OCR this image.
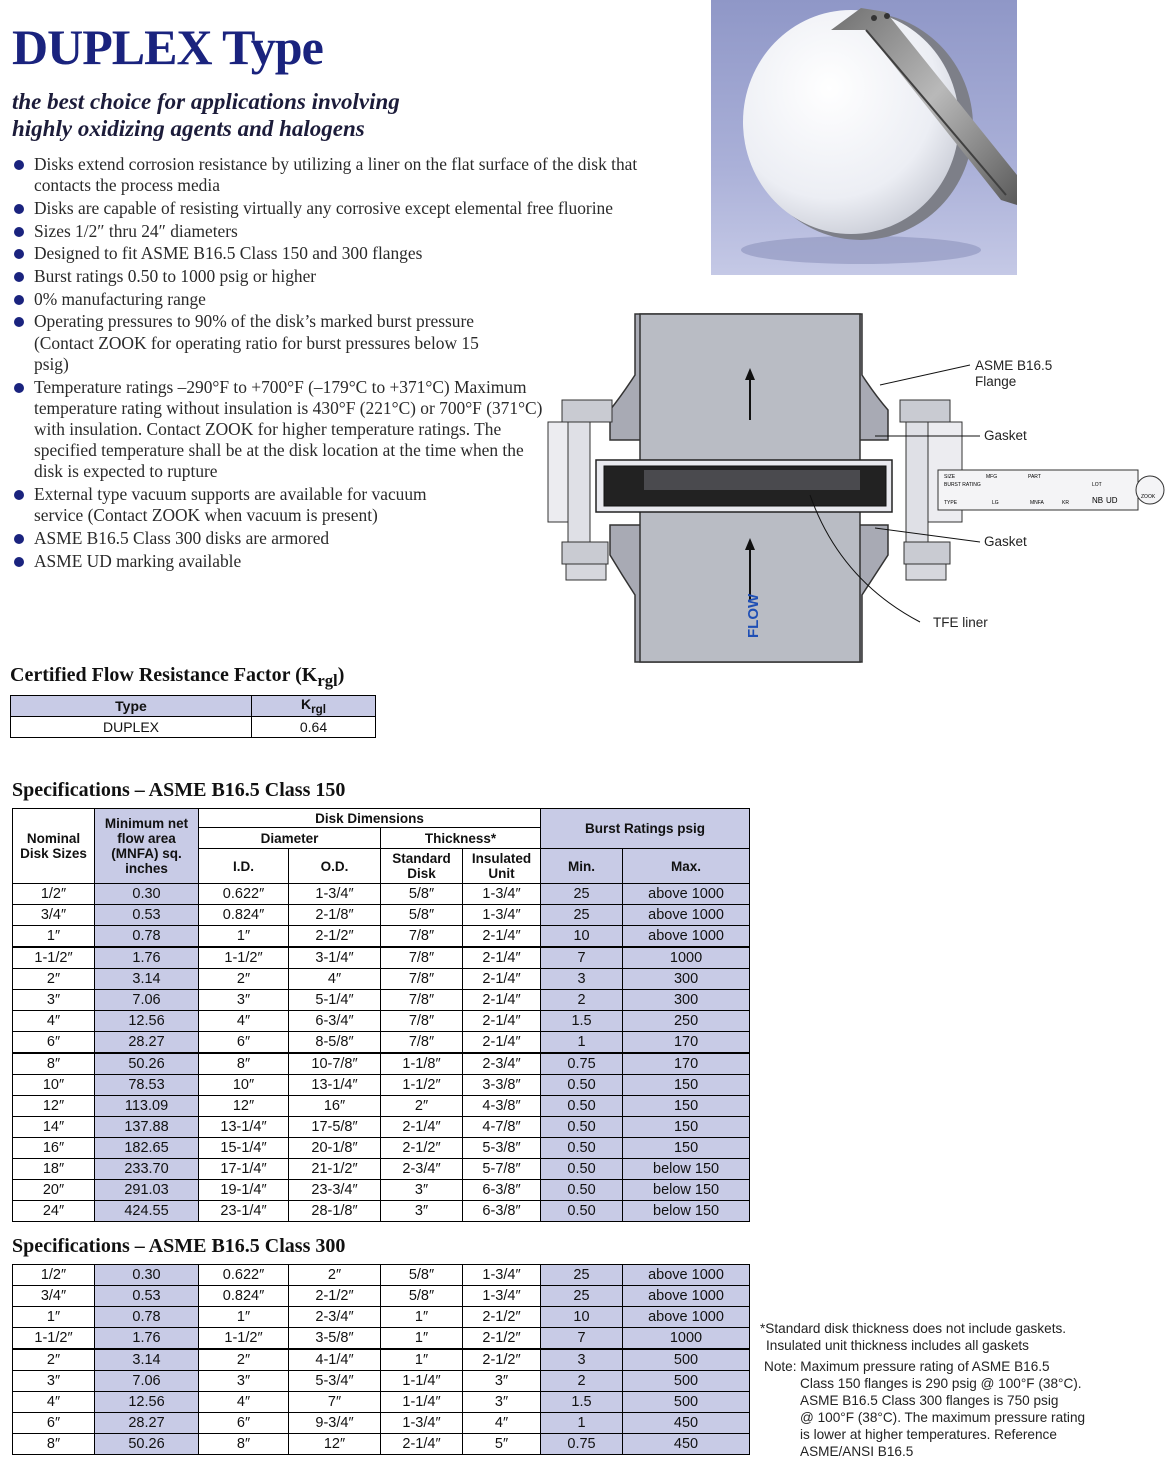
DUPLEX Type
the best choice for applications involving
highly oxidizing agents and halogens
Disks extend corrosion resistance by utilizing a liner on the flat surface of the disk that contacts the process media
Disks are capable of resisting virtually any corrosive except elemental free fluorine
Sizes 1/2″ thru 24″ diameters
Designed to fit ASME B16.5 Class 150 and 300 flanges
Burst ratings 0.50 to 1000 psig or higher
0% manufacturing range
Operating pressures to 90% of the disk’s marked burst pressure (Contact ZOOK for operating ratio for burst pressures below 15 psig)
Temperature ratings –290°F to +700°F (–179°C to +371°C) Maximum temperature rating without insulation is 430°F (221°C) or 700°F (371°C) with insulation. Contact ZOOK for higher temperature ratings. The specified temperature shall be at the disk location at the time when the disk is expected to rupture
External type vacuum supports are available for vacuum service (Contact ZOOK when vacuum is present)
ASME B16.5 Class 300 disks are armored
ASME UD marking available
SIZE	MFG	PART
BURST RATING	LOT
TYPE	LG	MNFA	KR	NB UD	ZOOK
FLOW
ASME B16.5
Flange
Gasket
Gasket
TFE liner
Certified Flow Resistance Factor $(K_{rgl})$
Type	$K_{rgl}$
DUPLEX	0.64
Specifications – ASME B16.5 Class 150
Nominal Disk Sizes	Minimum net flow area (MNFA) sq. inches	Disk Dimensions				Burst Ratings psig	
		Diameter		Thickness*			
		I.D.	O.D.	Standard Disk	Insulated Unit	Min.	Max.
1/2″	0.30	0.622″	1-3/4″	5/8″	1-3/4″	25	above 1000
3/4″	0.53	0.824″	2-1/8″	5/8″	1-3/4″	25	above 1000
1″	0.78	1″	2-1/2″	7/8″	2-1/4″	10	above 1000
1-1/2″	1.76	1-1/2″	3-1/4″	7/8″	2-1/4″	7	1000
2″	3.14	2″	4″	7/8″	2-1/4″	3	300
3″	7.06	3″	5-1/4″	7/8″	2-1/4″	2	300
4″	12.56	4″	6-3/4″	7/8″	2-1/4″	1.5	250
6″	28.27	6″	8-5/8″	7/8″	2-1/4″	1	170
8″	50.26	8″	10-7/8″	1-1/8″	2-3/4″	0.75	170
10″	78.53	10″	13-1/4″	1-1/2″	3-3/8″	0.50	150
12″	113.09	12″	16″	2″	4-3/8″	0.50	150
14″	137.88	13-1/4″	17-5/8″	2-1/4″	4-7/8″	0.50	150
16″	182.65	15-1/4″	20-1/8″	2-1/2″	5-3/8″	0.50	150
18″	233.70	17-1/4″	21-1/2″	2-3/4″	5-7/8″	0.50	below 150
20″	291.03	19-1/4″	23-3/4″	3″	6-3/8″	0.50	below 150
24″	424.55	23-1/4″	28-1/8″	3″	6-3/8″	0.50	below 150
Specifications – ASME B16.5 Class 300
1/2″	0.30	0.622″	2″	5/8″	1-3/4″	25	above 1000
3/4″	0.53	0.824″	2-1/2″	5/8″	1-3/4″	25	above 1000
1″	0.78	1″	2-3/4″	1″	2-1/2″	10	above 1000
1-1/2″	1.76	1-1/2″	3-5/8″	1″	2-1/2″	7	1000
2″	3.14	2″	4-1/4″	1″	2-1/2″	3	500
3″	7.06	3″	5-3/4″	1-1/4″	3″	2	500
4″	12.56	4″	7″	1-1/4″	3″	1.5	500
6″	28.27	6″	9-3/4″	1-3/4″	4″	1	450
8″	50.26	8″	12″	2-1/4″	5″	0.75	450
*Standard disk thickness does not include gaskets.
Insulated unit thickness includes all gaskets
Note: Maximum pressure rating of ASME B16.5
Class 150 flanges is 290 psig @ 100°F (38°C).
ASME B16.5 Class 300 flanges is 750 psig
@ 100°F (38°C). The maximum pressure rating
is lower at higher temperatures. Reference
ASME/ANSI B16.5
